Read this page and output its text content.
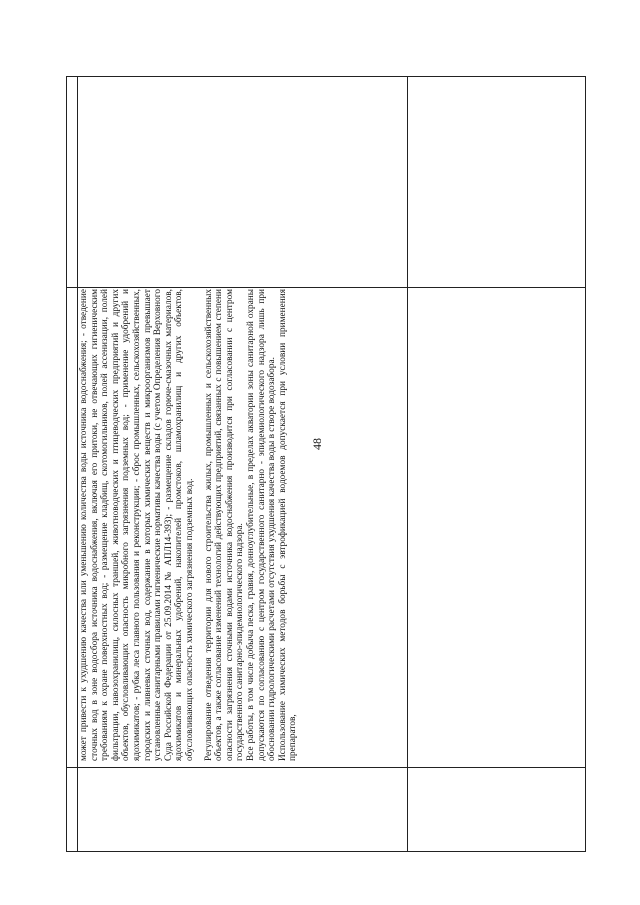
48

может привести к ухудшению качества или уменьшению количества воды источника водоснабжения; - отведение сточных вод в зоне водосбора источника водоснабжения, включая его притоки, не отвечающих гигиеническим требованиям к охране поверхностных вод; - размещение кладбищ, скотомогильников, полей ассенизации, полей фильтрации, навозохранилищ, силосных траншей, животноводческих и птицеводческих предприятий и других объектов, обусловливающих опасность микробного загрязнения подземных вод; - применение удобрений и ядохимикатов; - рубка леса главного пользования и реконструкции; - сброс промышленных, сельскохозяйственных, городских и ливневых сточных вод, содержание в которых химических веществ и микроорганизмов превышает установленные санитарными правилами гигиенические нормативы качества воды (с учетом Определения Верховного Суда Российской Федерации от 25.09.2014 № АПЛ14-393); - размещение складов горюче-смазочных материалов, ядохимикатов и минеральных удобрений, накопителей промстоков, шламохранилищ и других объектов, обусловливающих опасность химического загрязнения подземных вод. Регулирование отведения территории для нового строительства жилых, промышленных и сельскохозяйственных объектов, а также согласование изменений технологий действующих предприятий, связанных с повышением степени опасности загрязнения сточными водами источника водоснабжения производится при согласовании с центром государственного санитарно-эпидемиологического надзора. Все работы, в том числе добыча песка, гравия, донноуглубительные, в пределах акватории зоны санитарной охраны допускаются по согласованию с центром государственного санитарно - эпидемиологического надзора лишь при обосновании гидрологическими расчетами отсутствия ухудшения качества воды в створе водозабора. Использование химических методов борьбы с эвтрофикацией водоемов допускается при условии применения препаратов,
